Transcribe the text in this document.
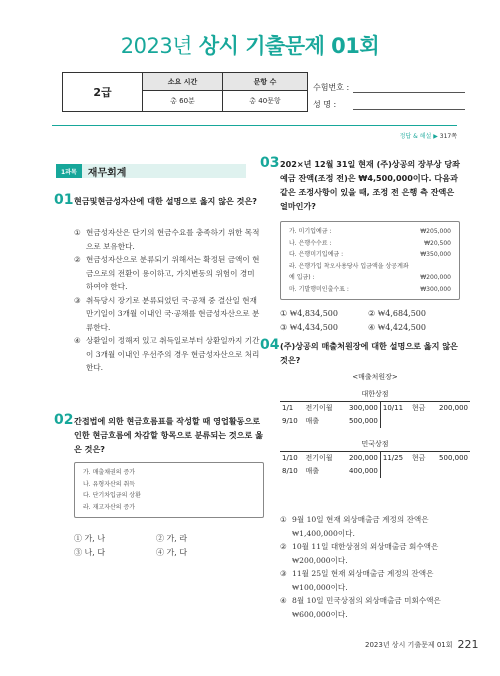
2023년 상시 기출문제 01회
2급	소요 시간	문항 수
	총 60분	총 40문항
수험번호 :
성 명 :
정답 & 해설 ▶ 317쪽
1과목	재무회계
01 현금및현금성자산에 대한 설명으로 옳지 않은 것은?
① 현금성자산은 단기의 현금수요를 충족하기 위한 목적으로 보유한다.
② 현금성자산으로 분류되기 위해서는 확정된 금액이 현금으로의 전환이 용이하고, 가치변동의 위험이 경미하여야 한다.
③ 취득당시 장기로 분류되었던 국·공채 중 결산일 현재 만기일이 3개월 이내인 국·공채를 현금성자산으로 분류한다.
④ 상환일이 정해져 있고 취득일로부터 상환일까지 기간이 3개월 이내인 우선주의 경우 현금성자산으로 처리한다.
02 간접법에 의한 현금흐름표를 작성할 때 영업활동으로 인한 현금흐름에 차감할 항목으로 분류되는 것으로 옳은 것은?
가. 매출채권의 증가
나. 유형자산의 취득
다. 단기차입금의 상환
라. 재고자산의 증가
① 가, 나	② 가, 라
③ 나, 다	④ 가, 다
03 202×년 12월 31일 현재 (주)상공의 장부상 당좌예금 잔액(조정 전)은 ₩4,500,000이다. 다음과 같은 조정사항이 있을 때, 조정 전 은행 측 잔액은 얼마인가?
가. 미기입예금 :	₩205,000
나. 은행수수료 :	₩20,500
다. 은행미기입예금 :	₩350,000
라. 은행가입 착오사용당사 입금액을 상공계좌
예 입금) :	₩200,000
마. 기발행미인출수표 :	₩300,000
① ₩4,834,500	② ₩4,684,500
③ ₩4,434,500	④ ₩4,424,500
04 (주)상공의 매출처원장에 대한 설명으로 옳지 않은 것은?
<매출처원장>
대한상점
1/1	전기이월	300,000	10/11	현금	200,000
9/10	매출	500,000			
민국상점
1/10	전기이월	200,000	11/25	현금	500,000
8/10	매출	400,000			
① 9월 10일 현재 외상매출금 계정의 잔액은 ₩1,400,000이다.
② 10월 11일 대한상점의 외상매출금 회수액은 ₩200,000이다.
③ 11월 25일 현재 외상매출금 계정의 잔액은 ₩100,000이다.
④ 8월 10일 민국상점의 외상매출금 미회수액은 ₩600,000이다.
2023년 상시 기출문제 01회 221
